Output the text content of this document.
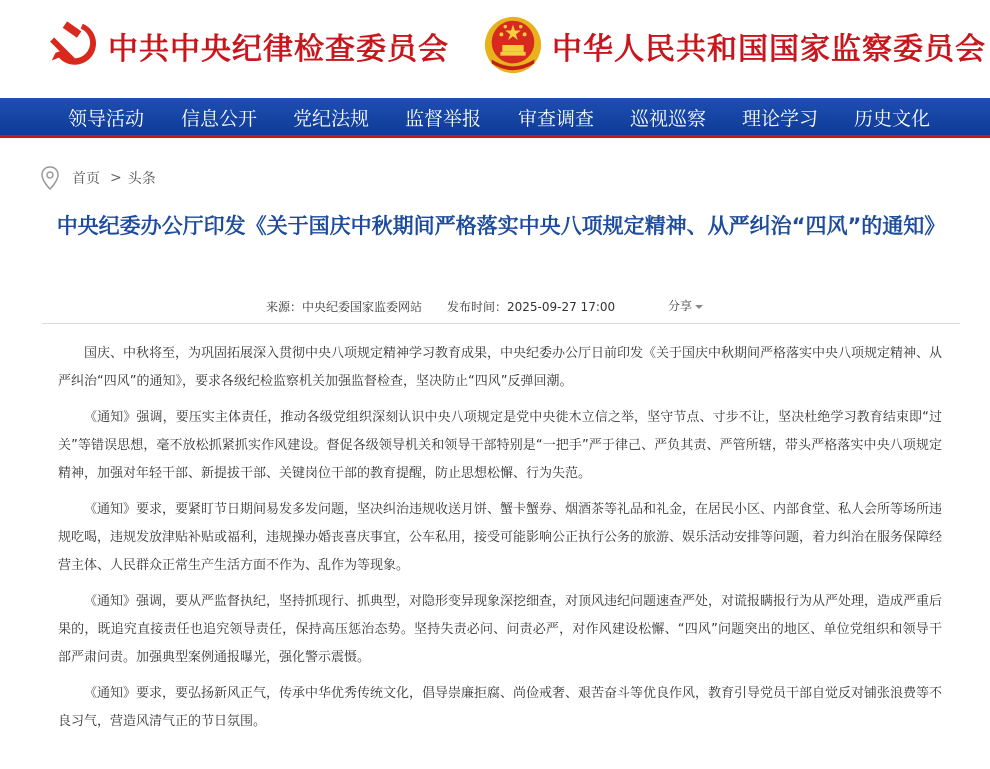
中共中央纪律检查委员会	中华人民共和国国家监察委员会
领导活动 信息公开 党纪法规 监督举报 审查调查 巡视巡察 理论学习 历史文化
首页 > 头条
中央纪委办公厅印发《关于国庆中秋期间严格落实中央八项规定精神、从严纠治“四风”的通知》
来源：中央纪委国家监委网站 发布时间：2025-09-27 17:00	分享

国庆、中秋将至，为巩固拓展深入贯彻中央八项规定精神学习教育成果，中央纪委办公厅日前印发《关于国庆中秋期间严格落实中央八项规定精神、从严纠治“四风”的通知》，要求各级纪检监察机关加强监督检查，坚决防止“四风”反弹回潮。

《通知》强调，要压实主体责任，推动各级党组织深刻认识中央八项规定是党中央徙木立信之举，坚守节点、寸步不让，坚决杜绝学习教育结束即“过关”等错误思想，毫不放松抓紧抓实作风建设。督促各级领导机关和领导干部特别是“一把手”严于律己、严负其责、严管所辖，带头严格落实中央八项规定精神，加强对年轻干部、新提拔干部、关键岗位干部的教育提醒，防止思想松懈、行为失范。

《通知》要求，要紧盯节日期间易发多发问题，坚决纠治违规收送月饼、蟹卡蟹券、烟酒茶等礼品和礼金，在居民小区、内部食堂、私人会所等场所违规吃喝，违规发放津贴补贴或福利，违规操办婚丧喜庆事宜，公车私用，接受可能影响公正执行公务的旅游、娱乐活动安排等问题，着力纠治在服务保障经营主体、人民群众正常生产生活方面不作为、乱作为等现象。

《通知》强调，要从严监督执纪，坚持抓现行、抓典型，对隐形变异现象深挖细查，对顶风违纪问题速查严处，对谎报瞒报行为从严处理，造成严重后果的，既追究直接责任也追究领导责任，保持高压惩治态势。坚持失责必问、问责必严，对作风建设松懈、“四风”问题突出的地区、单位党组织和领导干部严肃问责。加强典型案例通报曝光，强化警示震慑。

《通知》要求，要弘扬新风正气，传承中华优秀传统文化，倡导崇廉拒腐、尚俭戒奢、艰苦奋斗等优良作风，教育引导党员干部自觉反对铺张浪费等不良习气，营造风清气正的节日氛围。
